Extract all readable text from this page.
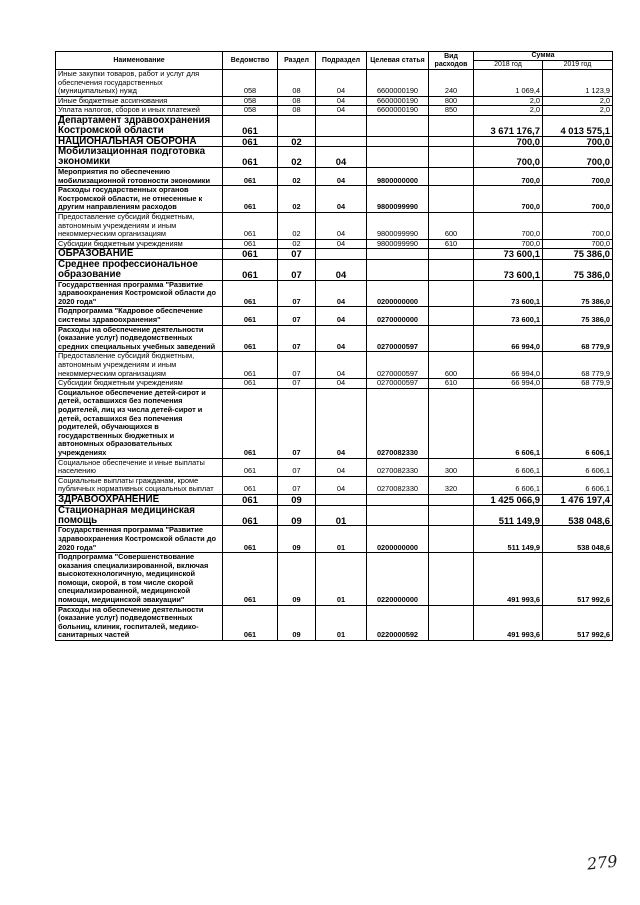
Наименование	Ведомство	Раздел	Подраздел	Целевая статья	Вид расходов	Сумма	
						2018 год	2019 год
Иные закупки товаров, работ и услуг для обеспечения государственных (муниципальных) нужд	058	08	04	6600000190	240	1 069,4	1 123,9
Иные бюджетные ассигнования	058	08	04	6600000190	800	2,0	2,0
Уплата налогов, сборов и иных платежей	058	08	04	6600000190	850	2,0	2,0
Департамент здравоохранения Костромской области	061					3 671 176,7	4 013 575,1
НАЦИОНАЛЬНАЯ ОБОРОНА	061	02				700,0	700,0
Мобилизационная подготовка экономики	061	02	04			700,0	700,0
Мероприятия по обеспечению мобилизационной готовности экономики	061	02	04	9800000000		700,0	700,0
Расходы государственных органов Костромской области, не отнесенные к другим направлениям расходов	061	02	04	9800099990		700,0	700,0
Предоставление субсидий бюджетным, автономным учреждениям и иным некоммерческим организациям	061	02	04	9800099990	600	700,0	700,0
Субсидии бюджетным учреждениям	061	02	04	9800099990	610	700,0	700,0
ОБРАЗОВАНИЕ	061	07				73 600,1	75 386,0
Среднее профессиональное образование	061	07	04			73 600,1	75 386,0
Государственная программа "Развитие здравоохранения Костромской области до 2020 года"	061	07	04	0200000000		73 600,1	75 386,0
Подпрограмма "Кадровое обеспечение системы здравоохранения"	061	07	04	0270000000		73 600,1	75 386,0
Расходы на обеспечение деятельности (оказание услуг) подведомственных средних специальных учебных заведений	061	07	04	0270000597		66 994,0	68 779,9
Предоставление субсидий бюджетным, автономным учреждениям и иным некоммерческим организациям	061	07	04	0270000597	600	66 994,0	68 779,9
Субсидии бюджетным учреждениям	061	07	04	0270000597	610	66 994,0	68 779,9
Социальное обеспечение детей-сирот и детей, оставшихся без попечения родителей, лиц из числа детей-сирот и детей, оставшихся без попечения родителей, обучающихся в государственных бюджетных и автономных образовательных учреждениях	061	07	04	0270082330		6 606,1	6 606,1
Социальное обеспечение и иные выплаты населению	061	07	04	0270082330	300	6 606,1	6 606,1
Социальные выплаты гражданам, кроме публичных нормативных социальных выплат	061	07	04	0270082330	320	6 606,1	6 606,1
ЗДРАВООХРАНЕНИЕ	061	09				1 425 066,9	1 476 197,4
Стационарная медицинская помощь	061	09	01			511 149,9	538 048,6
Государственная программа "Развитие здравоохранения Костромской области до 2020 года"	061	09	01	0200000000		511 149,9	538 048,6
Подпрограмма "Совершенствование оказания специализированной, включая высокотехнологичную, медицинской помощи, скорой, в том числе скорой специализированной, медицинской помощи, медицинской эвакуации"	061	09	01	0220000000		491 993,6	517 992,6
Расходы на обеспечение деятельности (оказание услуг) подведомственных больниц, клиник, госпиталей, медико-санитарных частей	061	09	01	0220000592		491 993,6	517 992,6
279
